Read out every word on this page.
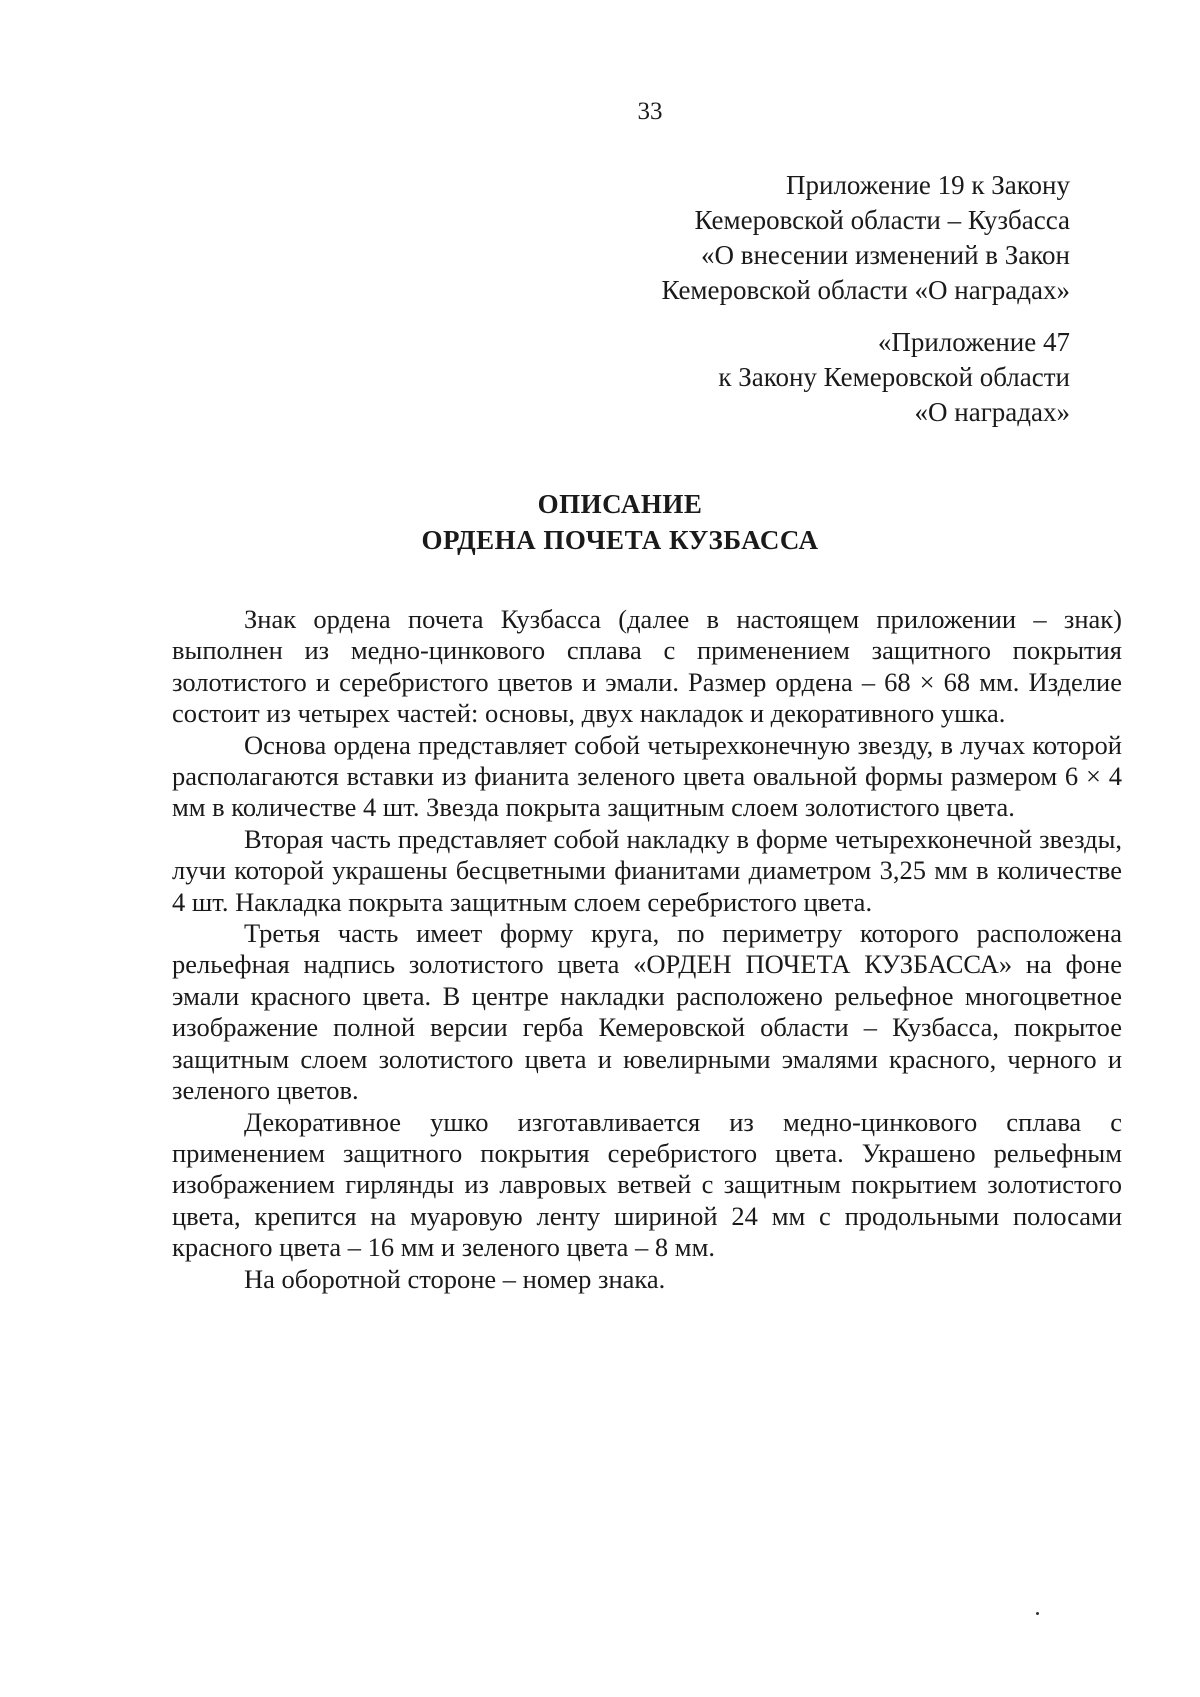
33
Приложение 19 к Закону
Кемеровской области – Кузбасса
«О внесении изменений в Закон
Кемеровской области «О наградах»
«Приложение 47
к Закону Кемеровской области
«О наградах»
ОПИСАНИЕ
ОРДЕНА ПОЧЕТА КУЗБАССА

Знак ордена почета Кузбасса (далее в настоящем приложении – знак) выполнен из медно-цинкового сплава с применением защитного покрытия золотистого и серебристого цветов и эмали. Размер ордена – 68 × 68 мм. Изделие состоит из четырех частей: основы, двух накладок и декоративного ушка.

Основа ордена представляет собой четырехконечную звезду, в лучах которой располагаются вставки из фианита зеленого цвета овальной формы размером 6 × 4 мм в количестве 4 шт. Звезда покрыта защитным слоем золотистого цвета.

Вторая часть представляет собой накладку в форме четырехконечной звезды, лучи которой украшены бесцветными фианитами диаметром 3,25 мм в количестве 4 шт. Накладка покрыта защитным слоем серебристого цвета.

Третья часть имеет форму круга, по периметру которого расположена рельефная надпись золотистого цвета «ОРДЕН ПОЧЕТА КУЗБАССА» на фоне эмали красного цвета. В центре накладки расположено рельефное многоцветное изображение полной версии герба Кемеровской области – Кузбасса, покрытое защитным слоем золотистого цвета и ювелирными эмалями красного, черного и зеленого цветов.

Декоративное ушко изготавливается из медно-цинкового сплава с применением защитного покрытия серебристого цвета. Украшено рельефным изображением гирлянды из лавровых ветвей с защитным покрытием золотистого цвета, крепится на муаровую ленту шириной 24 мм с продольными полосами красного цвета – 16 мм и зеленого цвета – 8 мм.

На оборотной стороне – номер знака.
